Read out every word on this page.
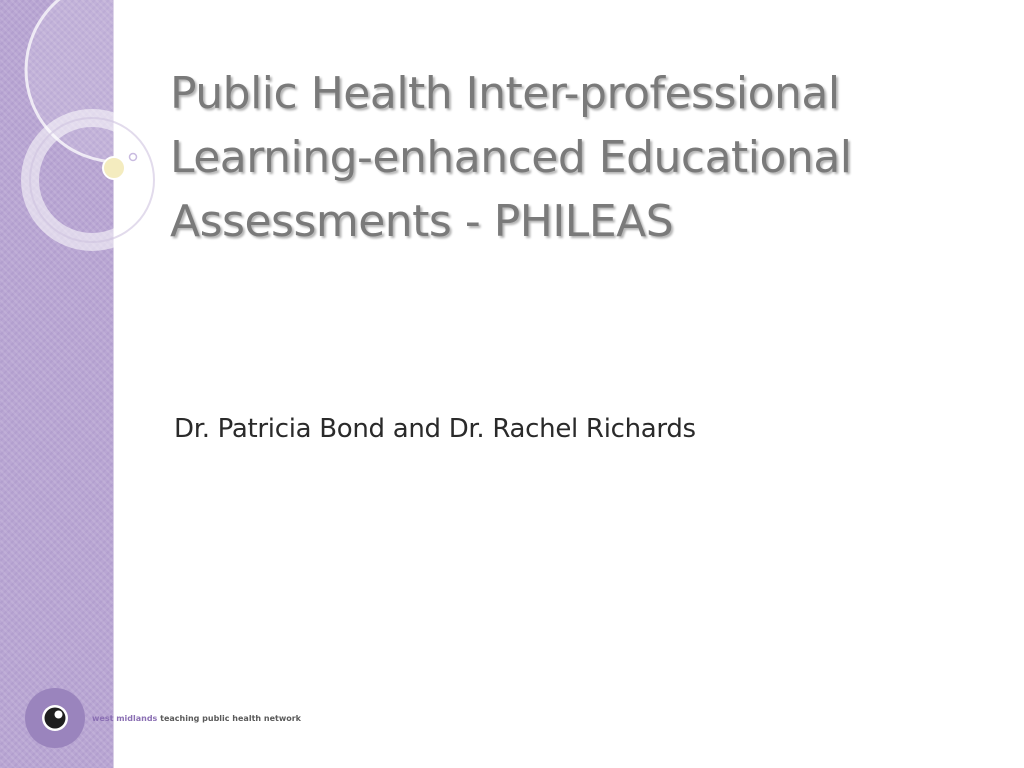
Public Health Inter-professional
Learning-enhanced Educational
Assessments - PHILEAS
Dr. Patricia Bond and Dr. Rachel Richards
west midlands teaching public health network
